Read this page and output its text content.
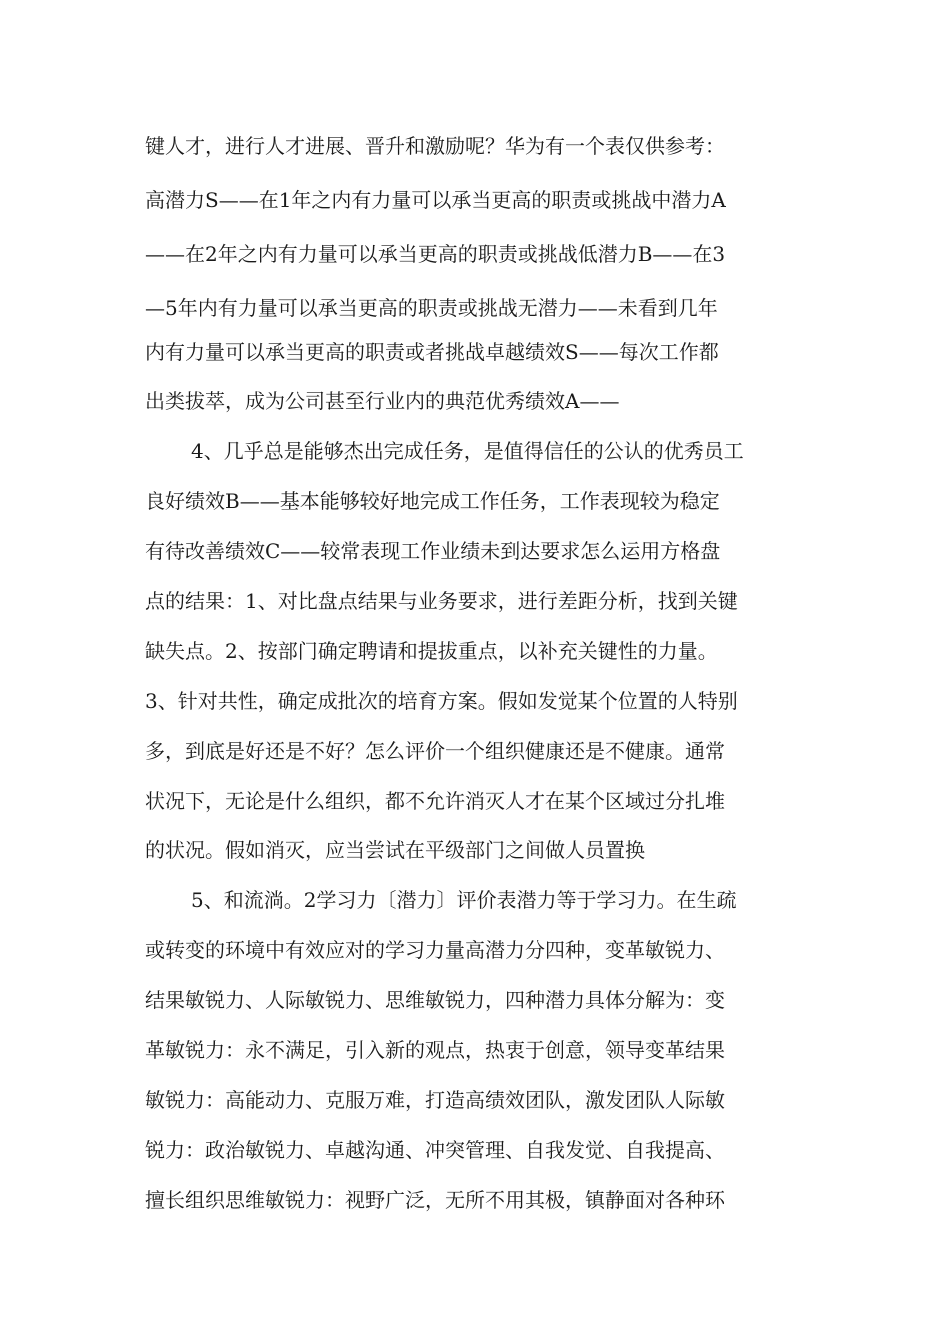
键人才，进行人才进展、晋升和激励呢？华为有一个表仅供参考：
高潜力S——在1年之内有力量可以承当更高的职责或挑战中潜力A
——在2年之内有力量可以承当更高的职责或挑战低潜力B——在3
—5年内有力量可以承当更高的职责或挑战无潜力——未看到几年
内有力量可以承当更高的职责或者挑战卓越绩效S——每次工作都
出类拔萃，成为公司甚至行业内的典范优秀绩效A——
4、几乎总是能够杰出完成任务，是值得信任的公认的优秀员工
良好绩效B——基本能够较好地完成工作任务，工作表现较为稳定
有待改善绩效C——较常表现工作业绩未到达要求怎么运用方格盘
点的结果：1、对比盘点结果与业务要求，进行差距分析，找到关键
缺失点。2、按部门确定聘请和提拔重点，以补充关键性的力量。
3、针对共性，确定成批次的培育方案。假如发觉某个位置的人特别
多，到底是好还是不好？怎么评价一个组织健康还是不健康。通常
状况下，无论是什么组织，都不允许消灭人才在某个区域过分扎堆
的状况。假如消灭，应当尝试在平级部门之间做人员置换
5、和流淌。2学习力〔潜力〕评价表潜力等于学习力。在生疏
或转变的环境中有效应对的学习力量高潜力分四种，变革敏锐力、
结果敏锐力、人际敏锐力、思维敏锐力，四种潜力具体分解为：变
革敏锐力：永不满足，引入新的观点，热衷于创意，领导变革结果
敏锐力：高能动力、克服万难，打造高绩效团队，激发团队人际敏
锐力：政治敏锐力、卓越沟通、冲突管理、自我发觉、自我提高、
擅长组织思维敏锐力：视野广泛，无所不用其极，镇静面对各种环
